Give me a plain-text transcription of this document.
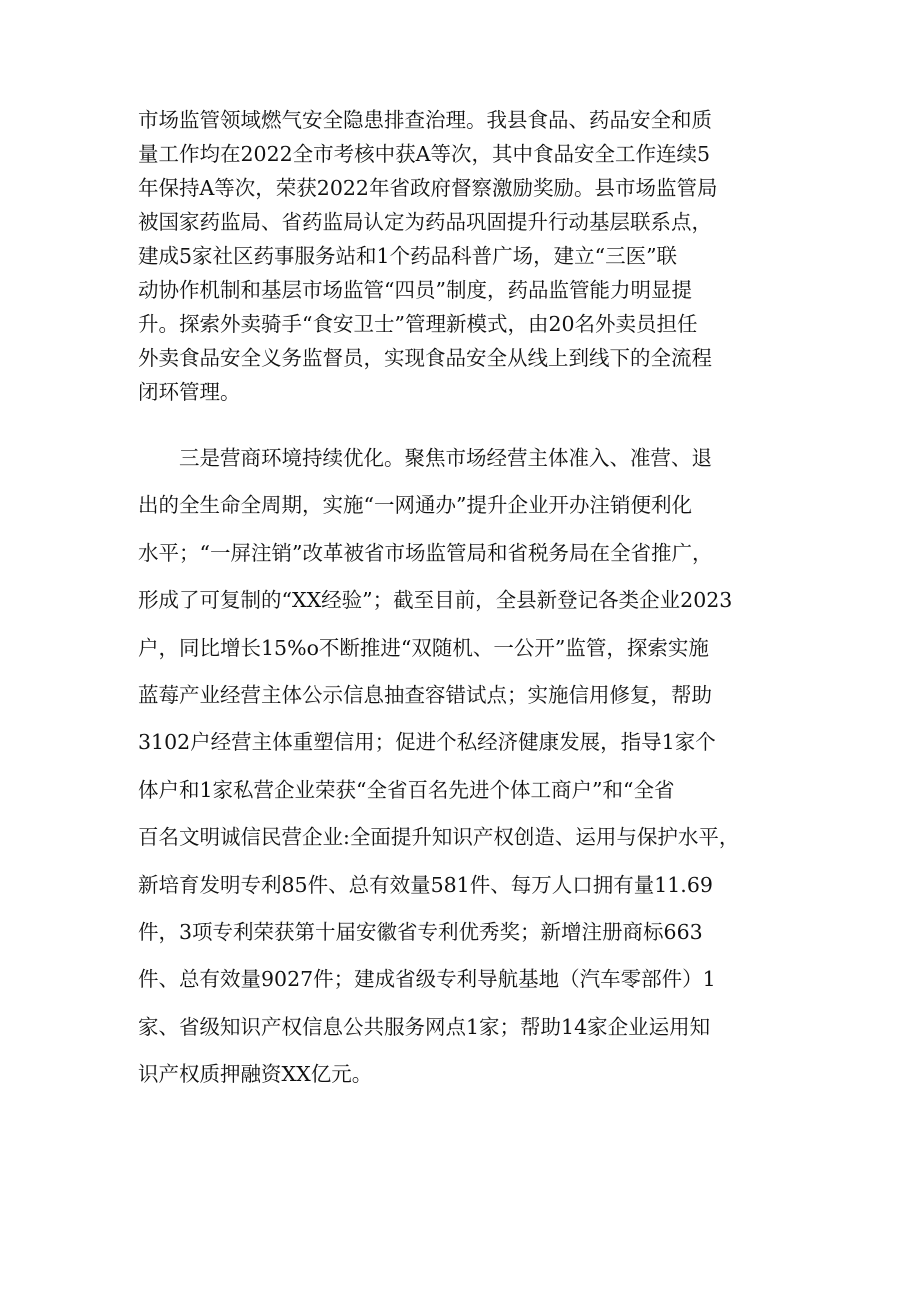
市场监管领域燃气安全隐患排查治理。我县食品、药品安全和质
量工作均在2022全市考核中获A等次，其中食品安全工作连续5
年保持A等次，荣获2022年省政府督察激励奖励。县市场监管局
被国家药监局、省药监局认定为药品巩固提升行动基层联系点，
建成5家社区药事服务站和1个药品科普广场，建立“三医”联
动协作机制和基层市场监管“四员”制度，药品监管能力明显提
升。探索外卖骑手“食安卫士”管理新模式，由20名外卖员担任
外卖食品安全义务监督员，实现食品安全从线上到线下的全流程
闭环管理。
　　三是营商环境持续优化。聚焦市场经营主体准入、准营、退
出的全生命全周期，实施“一网通办”提升企业开办注销便利化
水平；“一屏注销”改革被省市场监管局和省税务局在全省推广，
形成了可复制的“XX经验”；截至目前，全县新登记各类企业2023
户，同比增长15%o不断推进“双随机、一公开”监管，探索实施
蓝莓产业经营主体公示信息抽查容错试点；实施信用修复，帮助
3102户经营主体重塑信用；促进个私经济健康发展，指导1家个
体户和1家私营企业荣获“全省百名先进个体工商户”和“全省
百名文明诚信民营企业:全面提升知识产权创造、运用与保护水平，
新培育发明专利85件、总有效量581件、每万人口拥有量11.69
件，3项专利荣获第十届安徽省专利优秀奖；新增注册商标663
件、总有效量9027件；建成省级专利导航基地（汽车零部件）1
家、省级知识产权信息公共服务网点1家；帮助14家企业运用知
识产权质押融资XX亿元。
